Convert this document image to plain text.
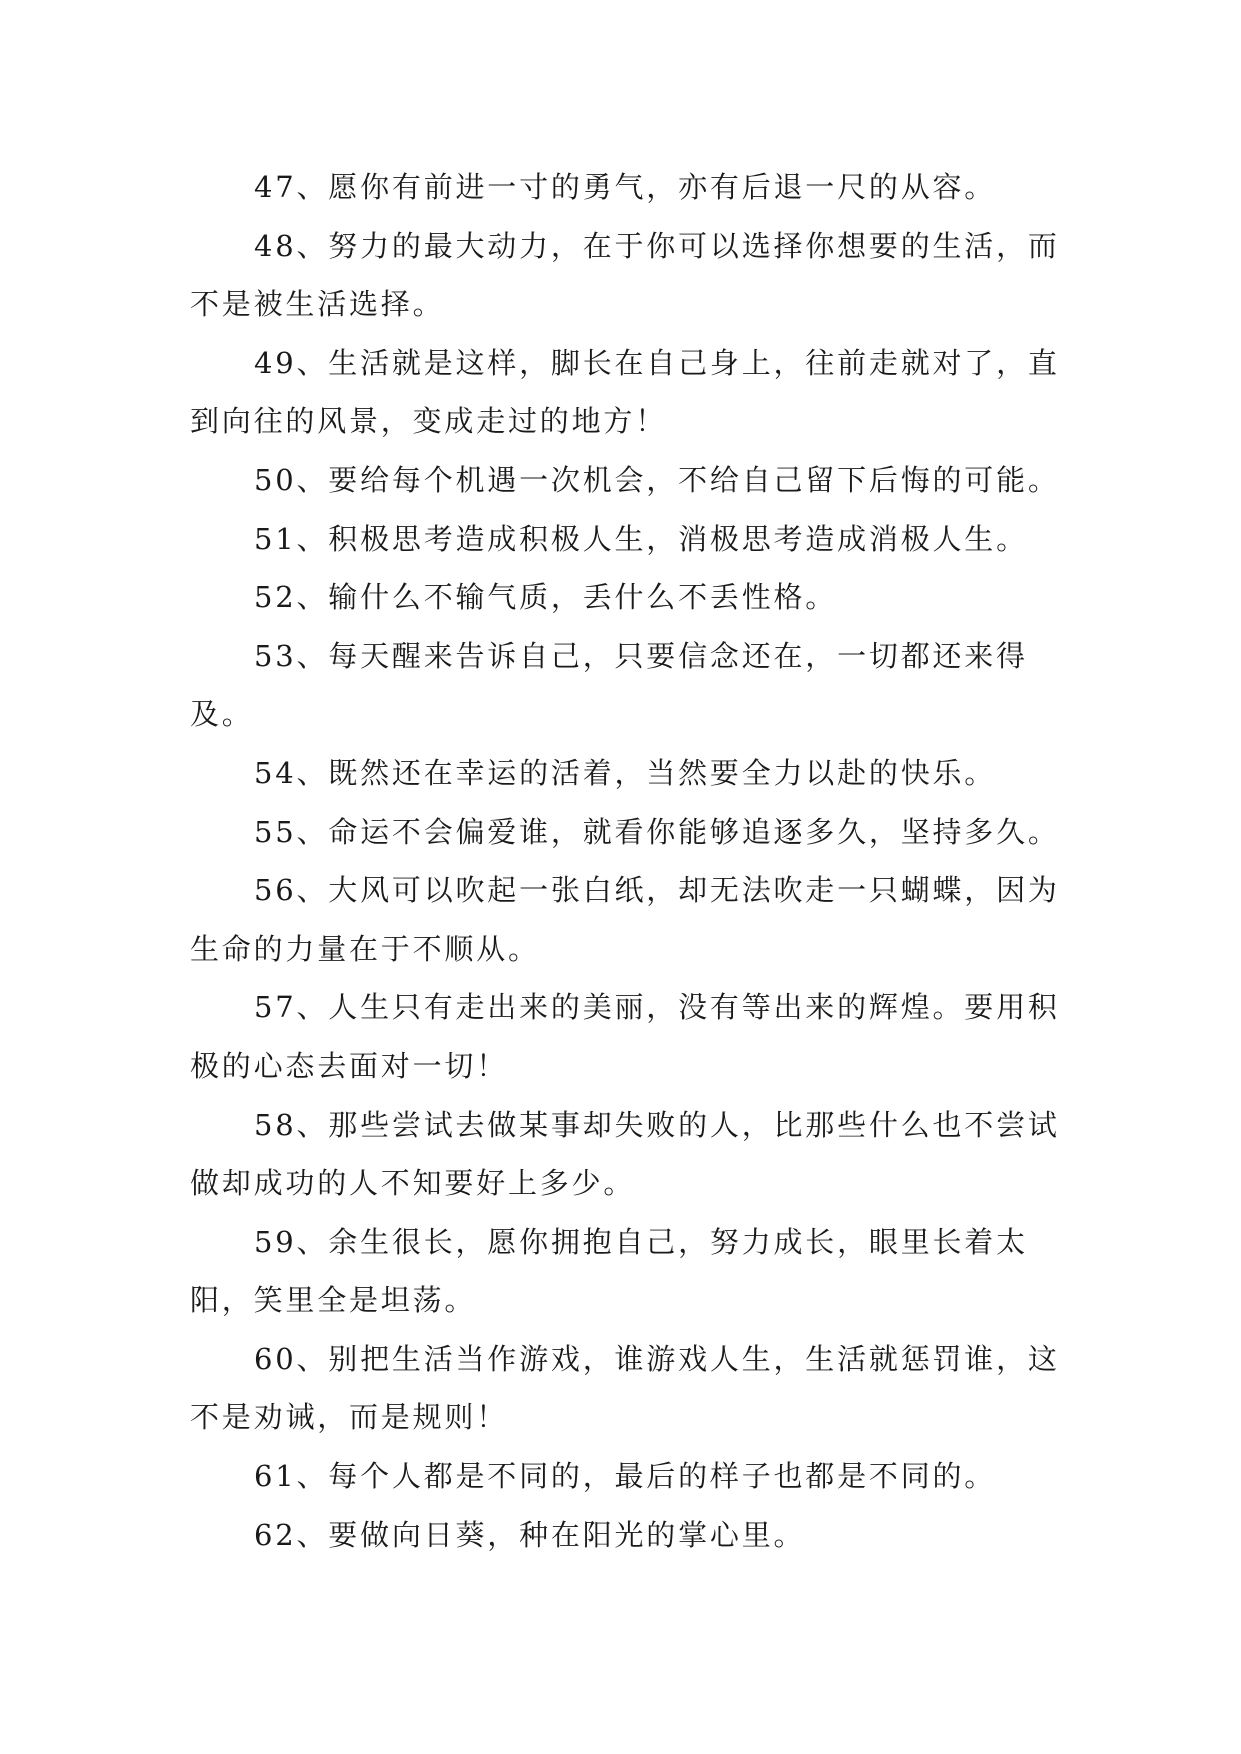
47、愿你有前进一寸的勇气，亦有后退一尺的从容。

48、努力的最大动力，在于你可以选择你想要的生活，而不是被生活选择。

49、生活就是这样，脚长在自己身上，往前走就对了，直到向往的风景，变成走过的地方！

50、要给每个机遇一次机会，不给自己留下后悔的可能。

51、积极思考造成积极人生，消极思考造成消极人生。

52、输什么不输气质，丢什么不丢性格。

53、每天醒来告诉自己，只要信念还在，一切都还来得及。

54、既然还在幸运的活着，当然要全力以赴的快乐。

55、命运不会偏爱谁，就看你能够追逐多久，坚持多久。

56、大风可以吹起一张白纸，却无法吹走一只蝴蝶，因为生命的力量在于不顺从。

57、人生只有走出来的美丽，没有等出来的辉煌。要用积极的心态去面对一切！

58、那些尝试去做某事却失败的人，比那些什么也不尝试做却成功的人不知要好上多少。

59、余生很长，愿你拥抱自己，努力成长，眼里长着太阳，笑里全是坦荡。

60、别把生活当作游戏，谁游戏人生，生活就惩罚谁，这不是劝诫，而是规则！

61、每个人都是不同的，最后的样子也都是不同的。

62、要做向日葵，种在阳光的掌心里。
